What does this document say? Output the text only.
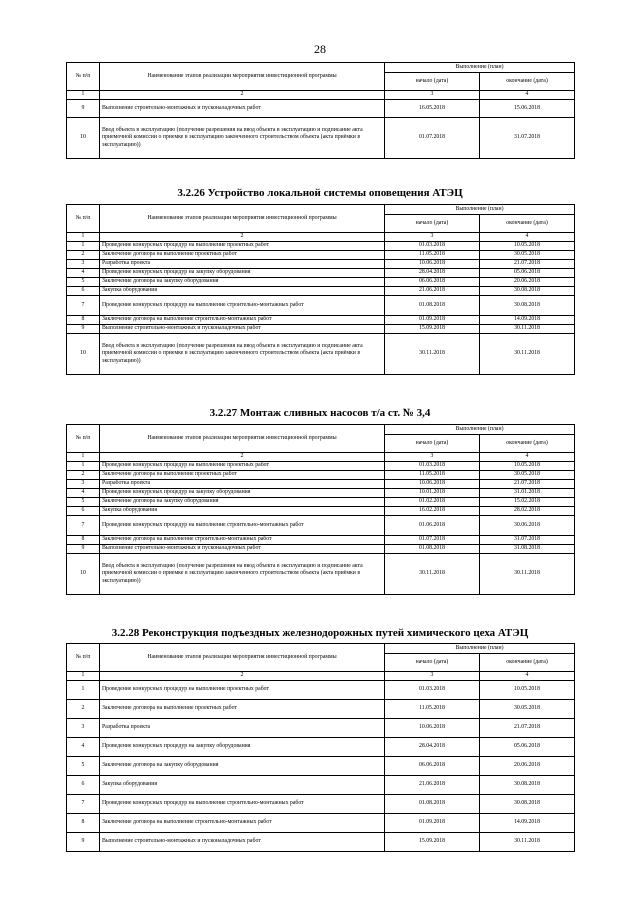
28
№ п/п	Наименование этапов реализации мероприятия инвестиционной программы	Выполнение (план)	
		начало (дата)	окончание (дата)
1	2	3	4
9	Выполнение строительно-монтажных и пусконаладочных работ	16.05.2018	15.06.2018
10	Ввод объекта в эксплуатацию (получение разрешения на ввод объекта в эксплуатацию и подписание акта приемочной комиссии о приемке в эксплуатацию законченного строительством объекта (акта приёмки в эксплуатацию))	01.07.2018	31.07.2018
3.2.26 Устройство локальной системы оповещения АТЭЦ
№ п/п	Наименование этапов реализации мероприятия инвестиционной программы	Выполнение (план)	
		начало (дата)	окончание (дата)
1	2	3	4
1	Проведение конкурсных процедур на выполнение проектных работ	01.03.2018	10.05.2018
2	Заключение договора на выполнение проектных работ	11.05.2018	30.05.2018
3	Разработка проекта	10.06.2018	21.07.2018
4	Проведение конкурсных процедур на закупку оборудования	28.04.2018	05.06.2018
5	Заключение договора на закупку оборудования	06.06.2018	20.06.2018
6	Закупка оборудования	21.06.2018	30.08.2018
7	Проведение конкурсных процедур на выполнение строительно-монтажных работ	01.08.2018	30.08.2018
8	Заключение договора на выполнение строительно-монтажных работ	01.09.2018	14.09.2018
9	Выполнение строительно-монтажных и пусконаладочных работ	15.09.2018	30.11.2018
10	Ввод объекта в эксплуатацию (получение разрешения на ввод объекта в эксплуатацию и подписание акта приемочной комиссии о приемке в эксплуатацию законченного строительством объекта (акта приёмки в эксплуатацию))	30.11.2018	30.11.2018
3.2.27 Монтаж сливных насосов т/а ст. № 3,4
№ п/п	Наименование этапов реализации мероприятия инвестиционной программы	Выполнение (план)	
		начало (дата)	окончание (дата)
1	2	3	4
1	Проведение конкурсных процедур на выполнение проектных работ	01.03.2018	10.05.2018
2	Заключение договора на выполнение проектных работ	11.05.2018	30.05.2018
3	Разработка проекта	10.06.2018	21.07.2018
4	Проведение конкурсных процедур на закупку оборудования	10.01.2018	31.01.2018
5	Заключение договора на закупку оборудования	01.02.2018	15.02.2018
6	Закупка оборудования	16.02.2018	28.02.2018
7	Проведение конкурсных процедур на выполнение строительно-монтажных работ	01.06.2018	30.06.2018
8	Заключение договора на выполнение строительно-монтажных работ	01.07.2018	31.07.2018
9	Выполнение строительно-монтажных и пусконаладочных работ	01.08.2018	31.08.2018
10	Ввод объекта в эксплуатацию (получение разрешения на ввод объекта в эксплуатацию и подписание акта приемочной комиссии о приемке в эксплуатацию законченного строительством объекта (акта приёмки в эксплуатацию))	30.11.2018	30.11.2018
3.2.28 Реконструкция подъездных железнодорожных путей химического цеха АТЭЦ
№ п/п	Наименование этапов реализации мероприятия инвестиционной программы	Выполнение (план)	
		начало (дата)	окончание (дата)
1	2	3	4
1	Проведение конкурсных процедур на выполнение проектных работ	01.03.2018	10.05.2018
2	Заключение договора на выполнение проектных работ	11.05.2018	30.05.2018
3	Разработка проекта	10.06.2018	21.07.2018
4	Проведение конкурсных процедур на закупку оборудования	28.04.2018	05.06.2018
5	Заключение договора на закупку оборудования	06.06.2018	20.06.2018
6	Закупка оборудования	21.06.2018	30.08.2018
7	Проведение конкурсных процедур на выполнение строительно-монтажных работ	01.08.2018	30.08.2018
8	Заключение договора на выполнение строительно-монтажных работ	01.09.2018	14.09.2018
9	Выполнение строительно-монтажных и пусконаладочных работ	15.09.2018	30.11.2018
